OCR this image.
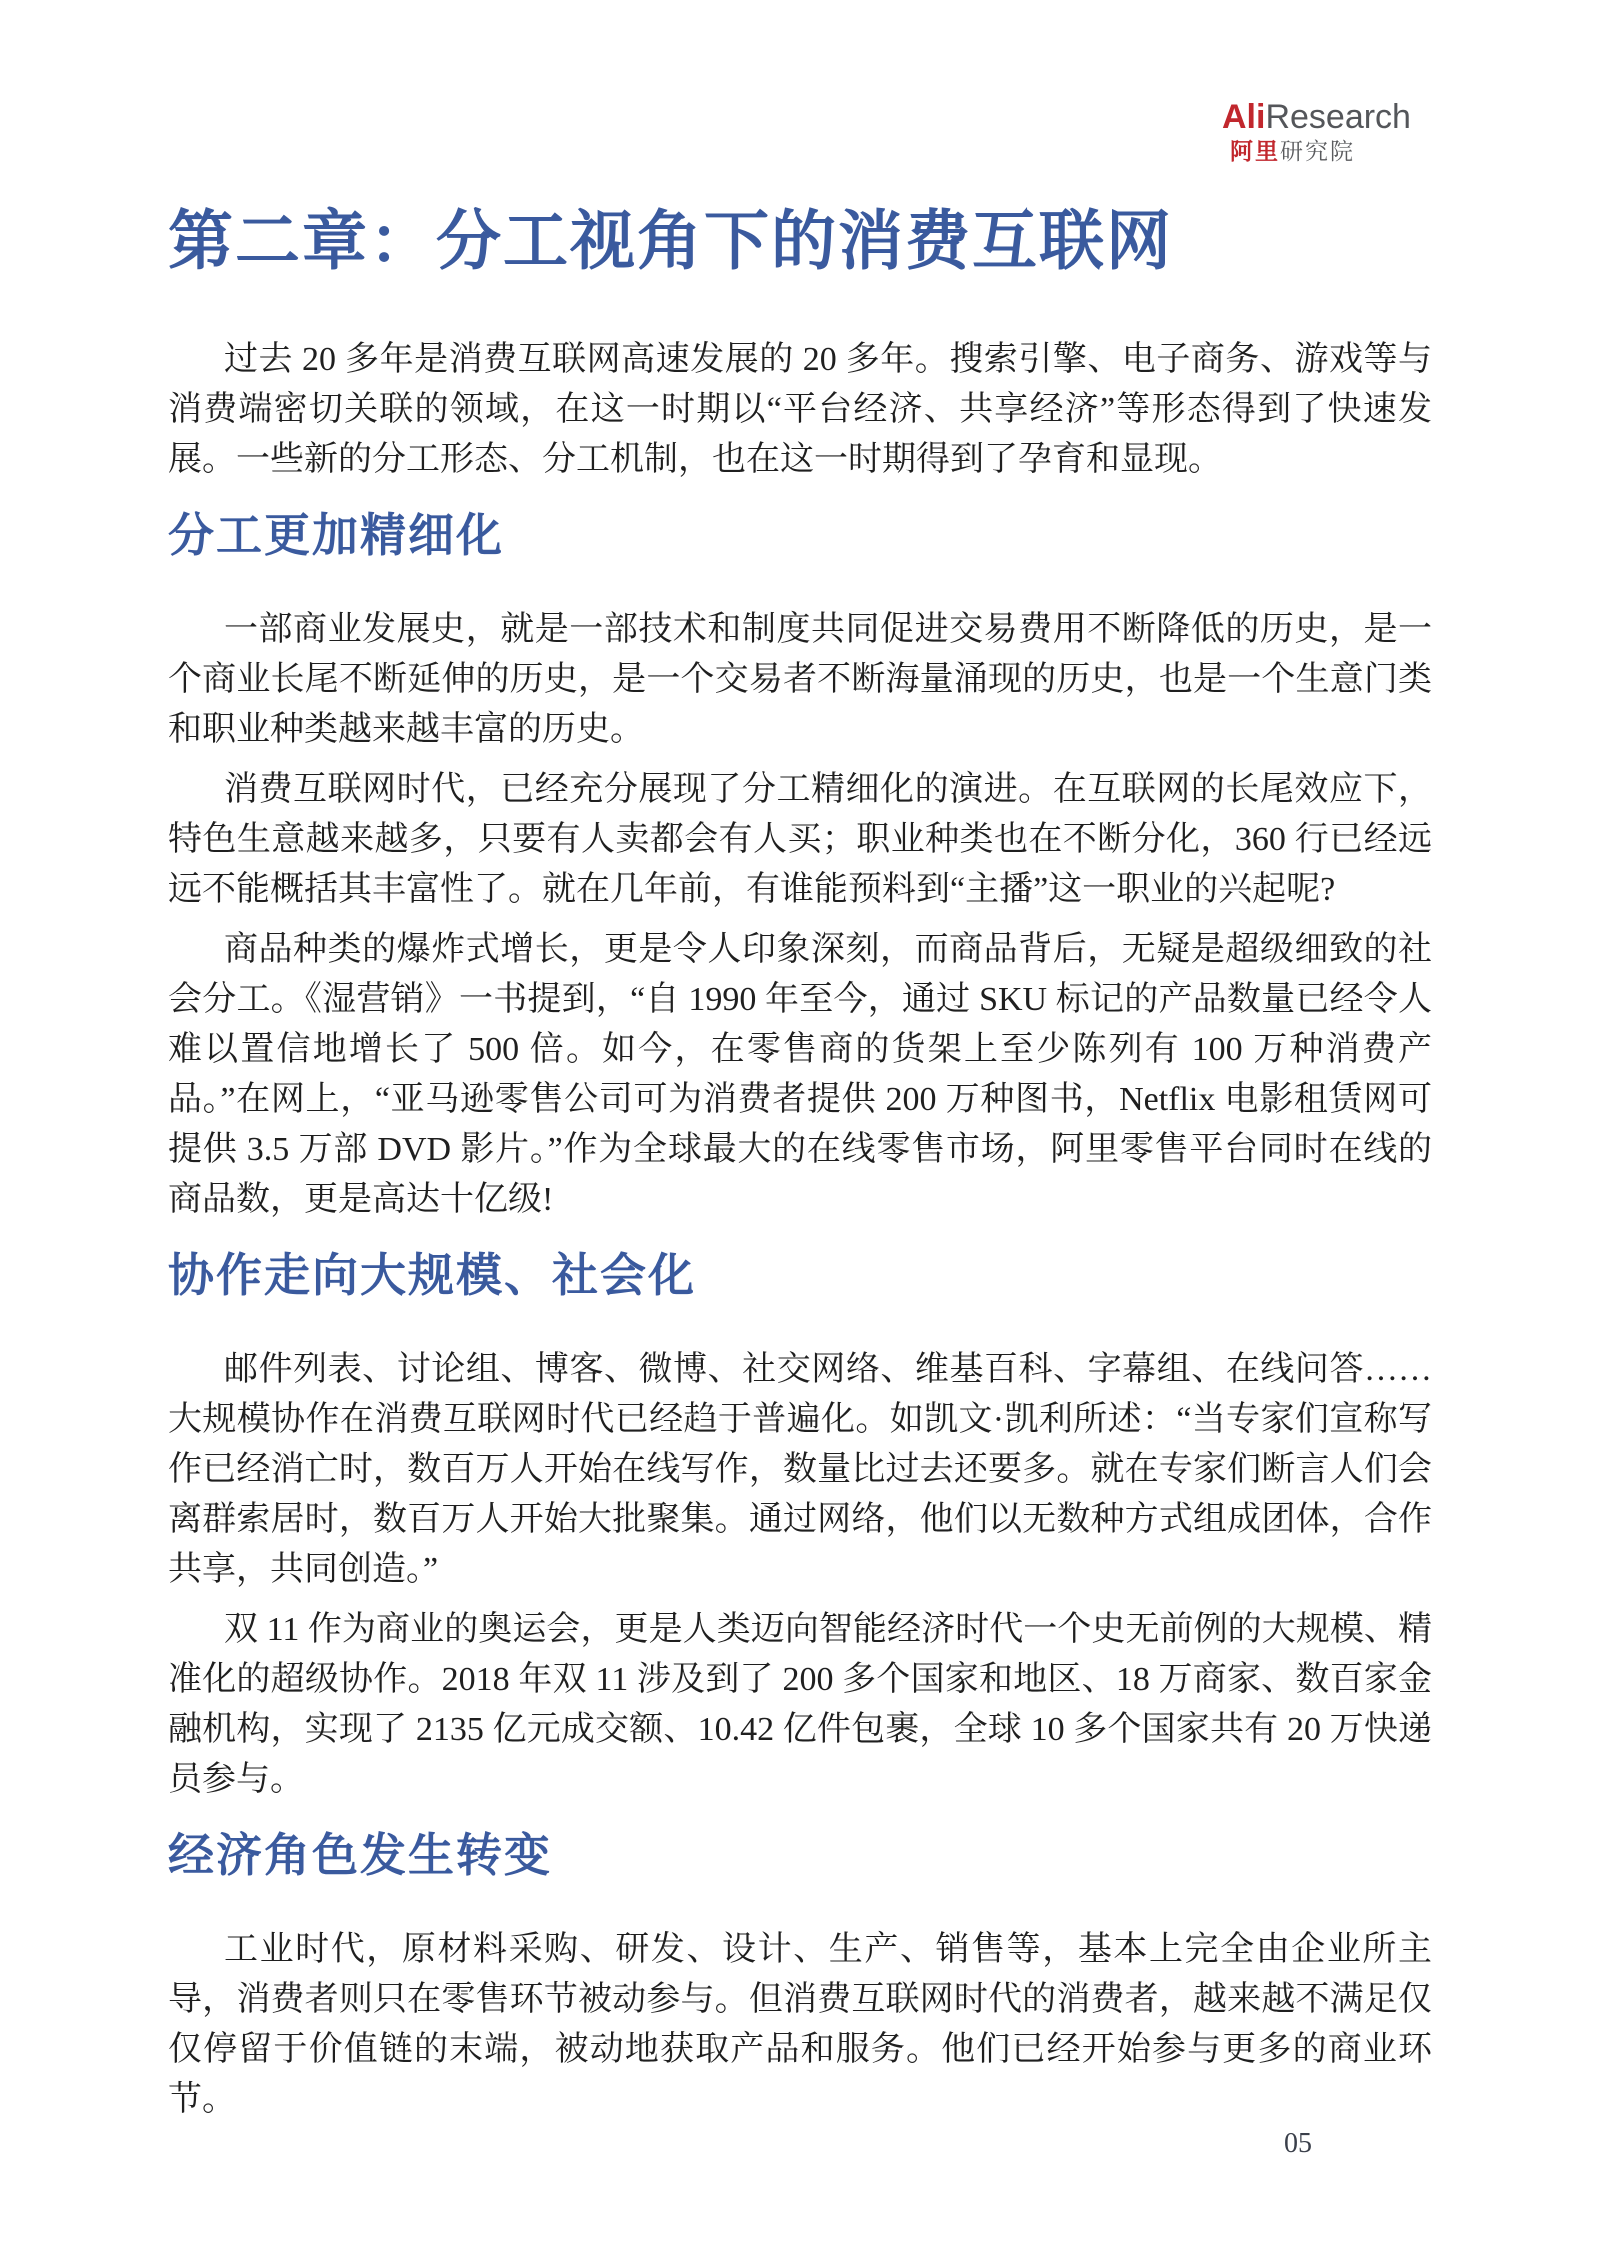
AliResearch
阿里研究院
第二章：分工视角下的消费互联网

过去 20 多年是消费互联网高速发展的 20 多年。搜索引擎、电子商务、游戏等与消费端密切关联的领域，在这一时期以“平台经济、共享经济”等形态得到了快速发展。一些新的分工形态、分工机制，也在这一时期得到了孕育和显现。

分工更加精细化

一部商业发展史，就是一部技术和制度共同促进交易费用不断降低的历史，是一个商业长尾不断延伸的历史，是一个交易者不断海量涌现的历史，也是一个生意门类和职业种类越来越丰富的历史。

消费互联网时代，已经充分展现了分工精细化的演进。在互联网的长尾效应下，特色生意越来越多，只要有人卖都会有人买；职业种类也在不断分化，360 行已经远远不能概括其丰富性了。就在几年前，有谁能预料到“主播”这一职业的兴起呢?

商品种类的爆炸式增长，更是令人印象深刻，而商品背后，无疑是超级细致的社会分工。《湿营销》一书提到，“自 1990 年至今，通过 SKU 标记的产品数量已经令人难以置信地增长了 500 倍。如今，在零售商的货架上至少陈列有 100 万种消费产品。”在网上，“亚马逊零售公司可为消费者提供 200 万种图书，Netflix 电影租赁网可提供 3.5 万部 DVD 影片。”作为全球最大的在线零售市场，阿里零售平台同时在线的商品数，更是高达十亿级!

协作走向大规模、社会化

邮件列表、讨论组、博客、微博、社交网络、维基百科、字幕组、在线问答……大规模协作在消费互联网时代已经趋于普遍化。如凯文·凯利所述：“当专家们宣称写作已经消亡时，数百万人开始在线写作，数量比过去还要多。就在专家们断言人们会离群索居时，数百万人开始大批聚集。通过网络，他们以无数种方式组成团体，合作共享，共同创造。”

双 11 作为商业的奥运会，更是人类迈向智能经济时代一个史无前例的大规模、精准化的超级协作。2018 年双 11 涉及到了 200 多个国家和地区、18 万商家、数百家金融机构，实现了 2135 亿元成交额、10.42 亿件包裹，全球 10 多个国家共有 20 万快递员参与。

经济角色发生转变

工业时代，原材料采购、研发、设计、生产、销售等，基本上完全由企业所主导，消费者则只在零售环节被动参与。但消费互联网时代的消费者，越来越不满足仅仅停留于价值链的末端，被动地获取产品和服务。他们已经开始参与更多的商业环节。

05
